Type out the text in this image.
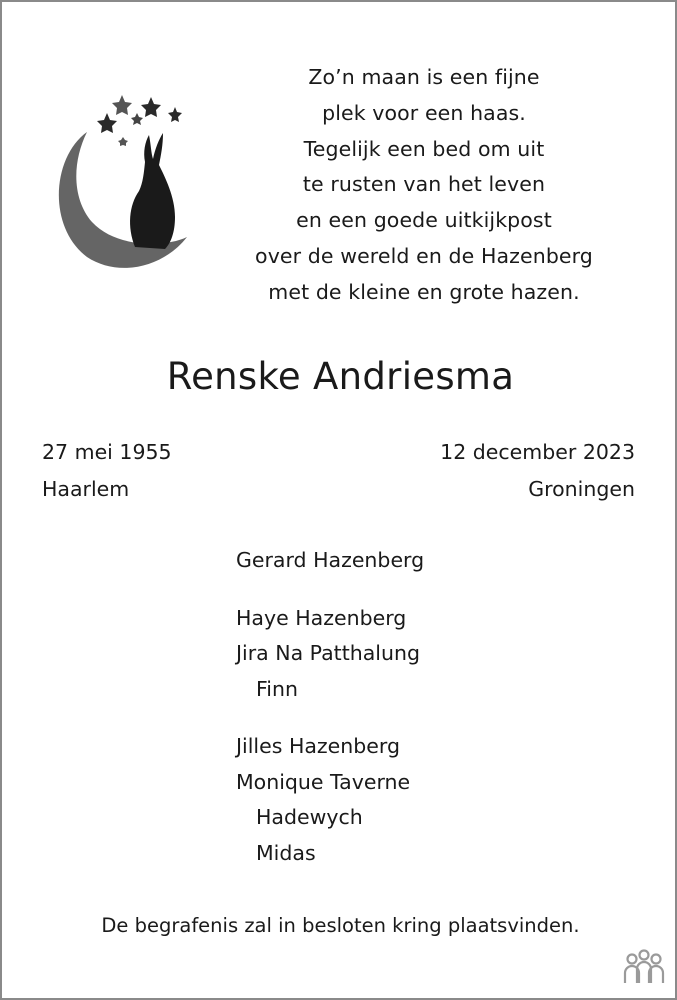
Zo’n maan is een fijne
plek voor een haas.
Tegelijk een bed om uit
te rusten van het leven
en een goede uitkijkpost
over de wereld en de Hazenberg
met de kleine en grote hazen.
Renske Andriesma
27 mei 1955
Haarlem
12 december 2023
Groningen
Gerard Hazenberg
Haye Hazenberg
Jira Na Patthalung
Finn
Jilles Hazenberg
Monique Taverne
Hadewych
Midas
De begrafenis zal in besloten kring plaatsvinden.
